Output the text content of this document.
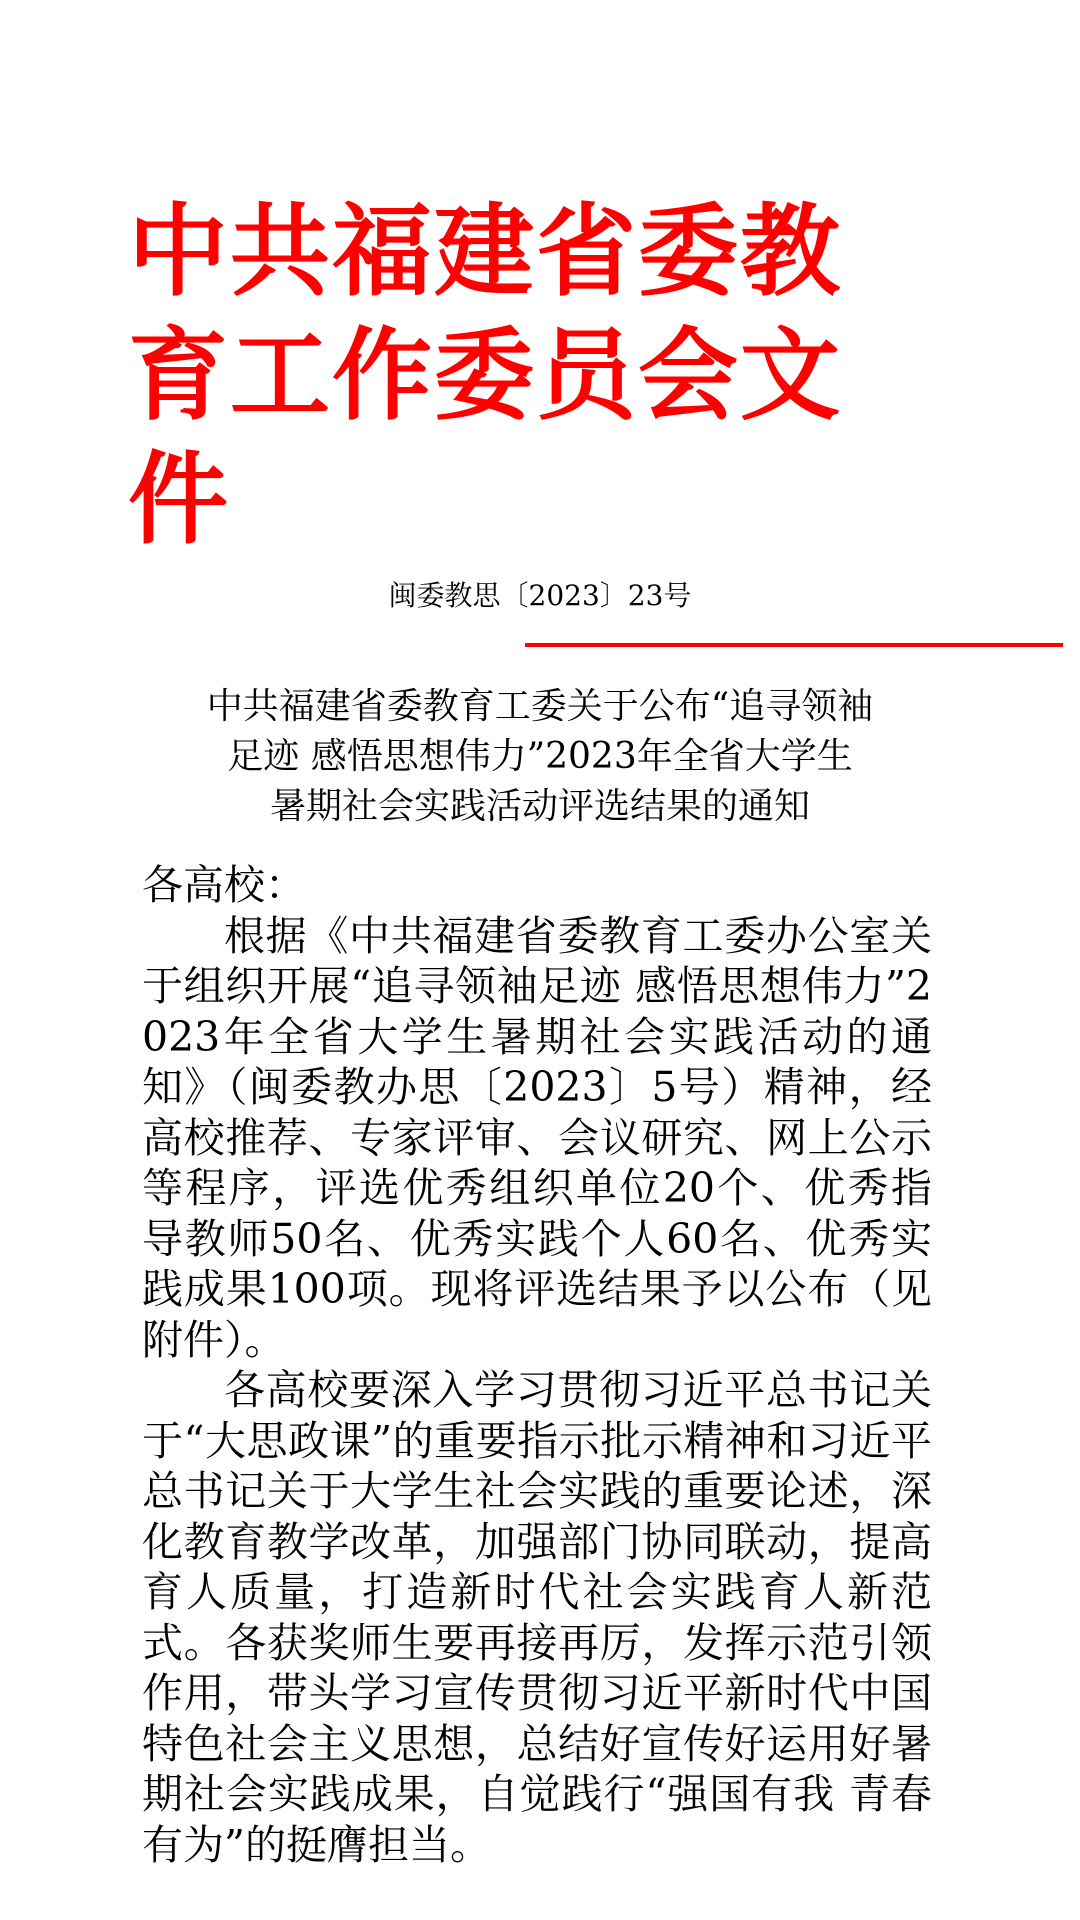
中共福建省委教育工作委员会文件
闽委教思〔2023〕23号
中共福建省委教育工委关于公布“追寻领袖
足迹 感悟思想伟力”2023年全省大学生
暑期社会实践活动评选结果的通知

各高校：

根据《中共福建省委教育工委办公室关于组织开展“追寻领袖足迹 感悟思想伟力”2023年全省大学生暑期社会实践活动的通知》（闽委教办思〔2023〕5号）精神，经高校推荐、专家评审、会议研究、网上公示等程序，评选优秀组织单位20个、优秀指导教师50名、优秀实践个人60名、优秀实践成果100项。现将评选结果予以公布（见附件）。

各高校要深入学习贯彻习近平总书记关于“大思政课”的重要指示批示精神和习近平总书记关于大学生社会实践的重要论述，深化教育教学改革，加强部门协同联动，提高育人质量，打造新时代社会实践育人新范式。各获奖师生要再接再厉，发挥示范引领作用，带头学习宣传贯彻习近平新时代中国特色社会主义思想，总结好宣传好运用好暑期社会实践成果，自觉践行“强国有我 青春有为”的挺膺担当。
